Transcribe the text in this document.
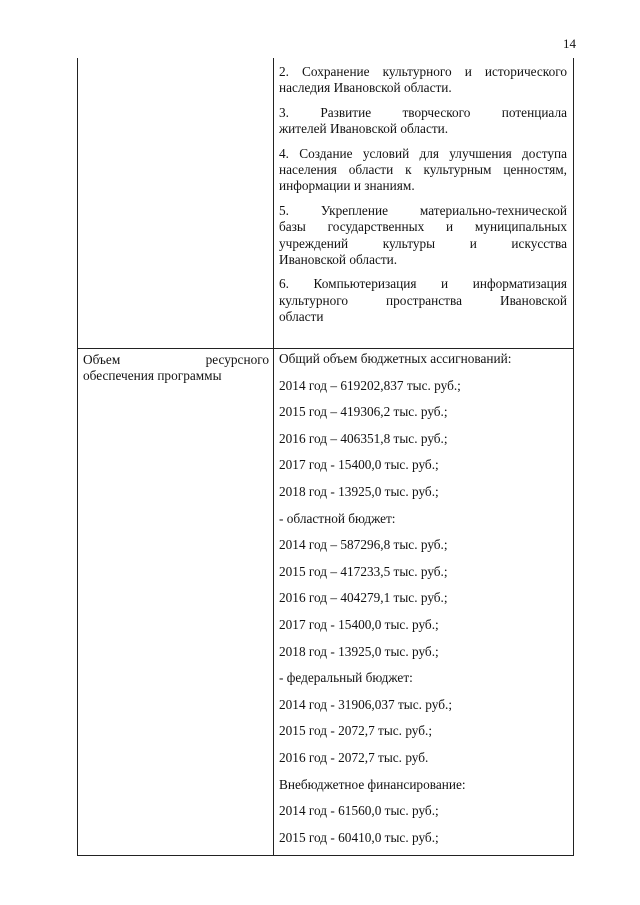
14
2. Сохранение культурного и исторического
наследия Ивановской области.
3. Развитие творческого потенциала
жителей Ивановской области.
4. Создание условий для улучшения доступа
населения области к культурным ценностям,
информации и знаниям.
5. Укрепление материально-технической
базы государственных и муниципальных
учреждений культуры и искусства
Ивановской области.
6. Компьютеризация и информатизация
культурного пространства Ивановской
области
Объем	ресурсного
обеспечения программы
Общий объем бюджетных ассигнований:
2014 год – 619202,837 тыс. руб.;
2015 год – 419306,2 тыс. руб.;
2016 год – 406351,8 тыс. руб.;
2017 год - 15400,0 тыс. руб.;
2018 год - 13925,0 тыс. руб.;
- областной бюджет:
2014 год – 587296,8 тыс. руб.;
2015 год – 417233,5 тыс. руб.;
2016 год – 404279,1 тыс. руб.;
2017 год - 15400,0 тыс. руб.;
2018 год - 13925,0 тыс. руб.;
- федеральный бюджет:
2014 год - 31906,037 тыс. руб.;
2015 год - 2072,7 тыс. руб.;
2016 год - 2072,7 тыс. руб.
Внебюджетное финансирование:
2014 год - 61560,0 тыс. руб.;
2015 год - 60410,0 тыс. руб.;
